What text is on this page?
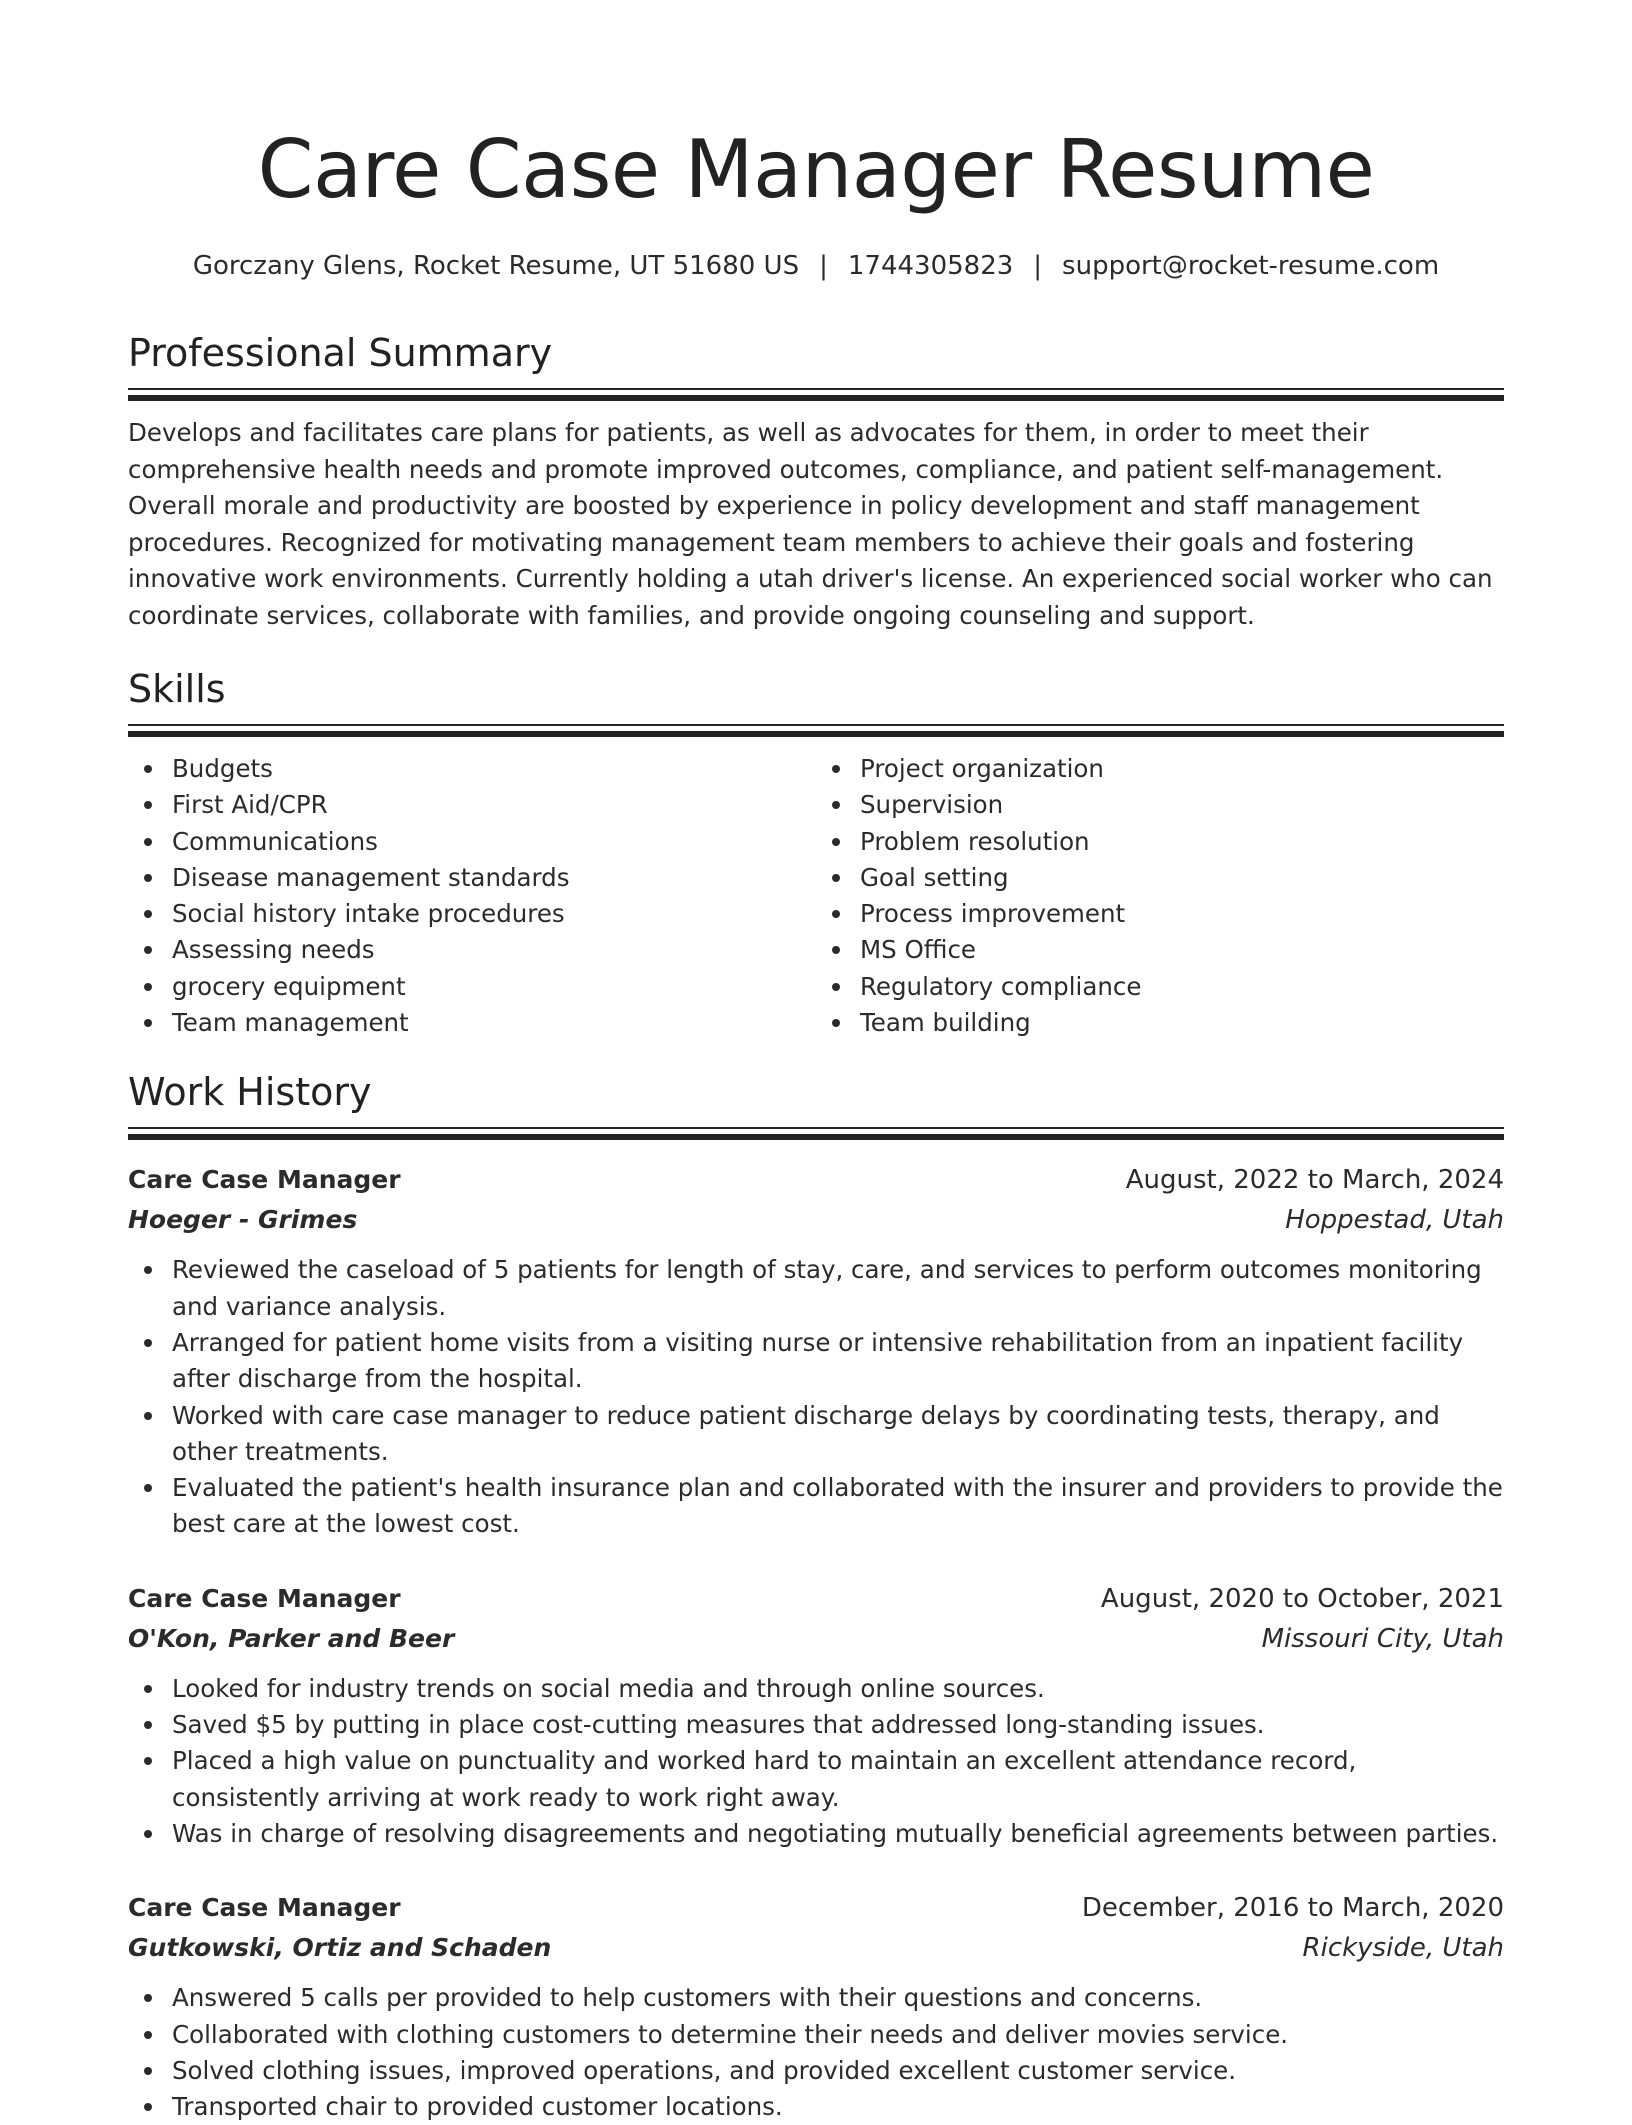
Care Case Manager Resume
Gorczany Glens, Rocket Resume, UT 51680 US | 1744305823 | support@rocket-resume.com
Professional Summary

Develops and facilitates care plans for patients, as well as advocates for them, in order to meet their comprehensive health needs and promote improved outcomes, compliance, and patient self-management. Overall morale and productivity are boosted by experience in policy development and staff management procedures. Recognized for motivating management team members to achieve their goals and fostering innovative work environments. Currently holding a utah driver's license. An experienced social worker who can coordinate services, collaborate with families, and provide ongoing counseling and support.

Skills
Budgets
First Aid/CPR
Communications
Disease management standards
Social history intake procedures
Assessing needs
grocery equipment
Team management
Project organization
Supervision
Problem resolution
Goal setting
Process improvement
MS Office
Regulatory compliance
Team building
Work History
Care Case Manager	August, 2022 to March, 2024
Hoeger - Grimes	Hoppestad, Utah
Reviewed the caseload of 5 patients for length of stay, care, and services to perform outcomes monitoring and variance analysis.
Arranged for patient home visits from a visiting nurse or intensive rehabilitation from an inpatient facility after discharge from the hospital.
Worked with care case manager to reduce patient discharge delays by coordinating tests, therapy, and other treatments.
Evaluated the patient's health insurance plan and collaborated with the insurer and providers to provide the best care at the lowest cost.
Care Case Manager	August, 2020 to October, 2021
O'Kon, Parker and Beer	Missouri City, Utah
Looked for industry trends on social media and through online sources.
Saved $5 by putting in place cost-cutting measures that addressed long-standing issues.
Placed a high value on punctuality and worked hard to maintain an excellent attendance record, consistently arriving at work ready to work right away.
Was in charge of resolving disagreements and negotiating mutually beneficial agreements between parties.
Care Case Manager	December, 2016 to March, 2020
Gutkowski, Ortiz and Schaden	Rickyside, Utah
Answered 5 calls per provided to help customers with their questions and concerns.
Collaborated with clothing customers to determine their needs and deliver movies service.
Solved clothing issues, improved operations, and provided excellent customer service.
Transported chair to provided customer locations.
